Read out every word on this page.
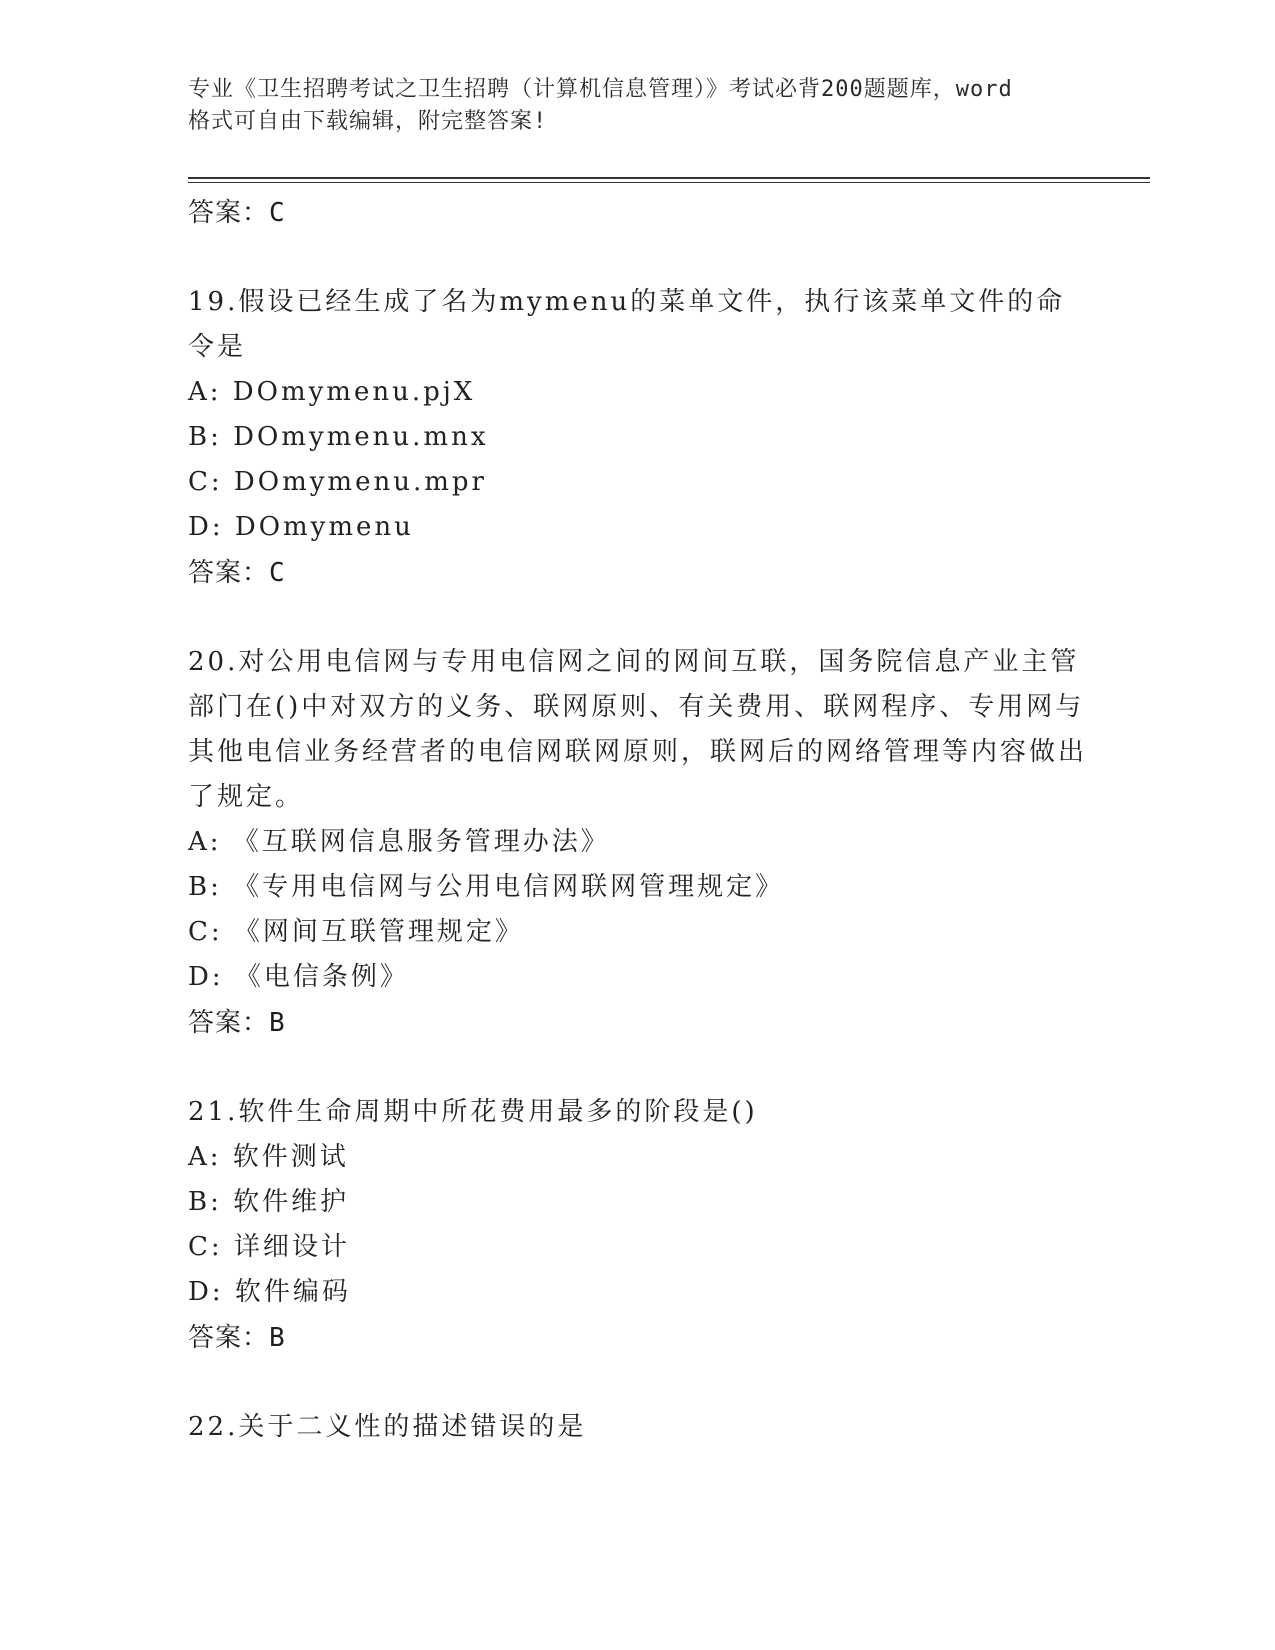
专业《卫生招聘考试之卫生招聘（计算机信息管理）》考试必背200题题库，word
格式可自由下载编辑，附完整答案!

答案：C

19.假设已经生成了名为mymenu的菜单文件，执行该菜单文件的命令是

A: DOmymenu.pjX

B: DOmymenu.mnx

C: DOmymenu.mpr

D: DOmymenu

答案：C

20.对公用电信网与专用电信网之间的网间互联，国务院信息产业主管部门在()中对双方的义务、联网原则、有关费用、联网程序、专用网与其他电信业务经营者的电信网联网原则，联网后的网络管理等内容做出了规定。

A: 《互联网信息服务管理办法》

B: 《专用电信网与公用电信网联网管理规定》

C: 《网间互联管理规定》

D: 《电信条例》

答案：B

21.软件生命周期中所花费用最多的阶段是()

A: 软件测试

B: 软件维护

C: 详细设计

D: 软件编码

答案：B

22.关于二义性的描述错误的是
